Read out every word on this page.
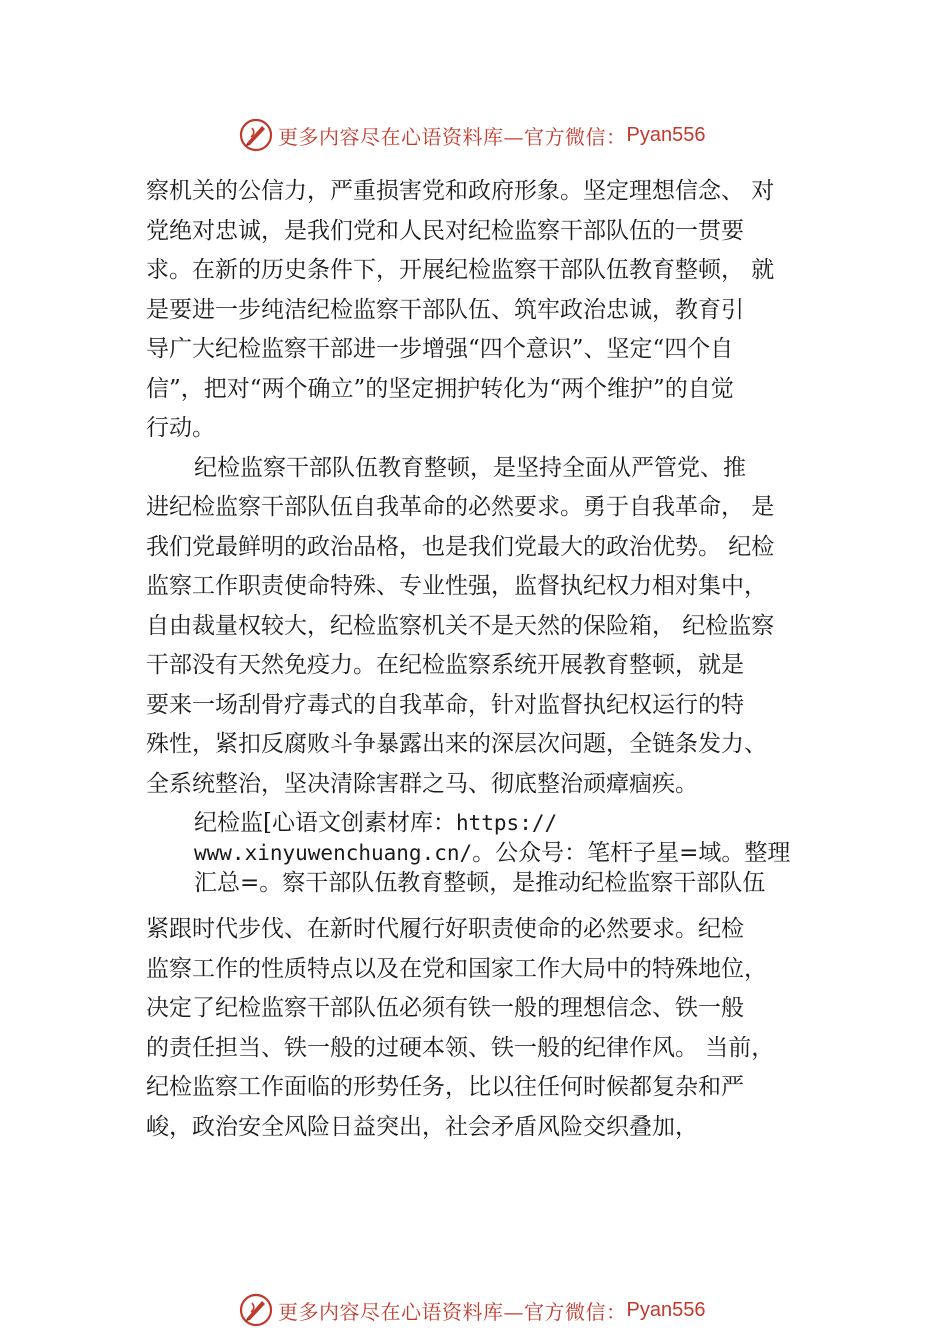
更多内容尽在心语资料库—官方微信： Pyan556
察机关的公信力，严重损害党和政府形象。坚定理想信念、 对
党绝对忠诚，是我们党和人民对纪检监察干部队伍的一贯要
求。在新的历史条件下，开展纪检监察干部队伍教育整顿， 就
是要进一步纯洁纪检监察干部队伍、筑牢政治忠诚，教育引
导广大纪检监察干部进一步增强“四个意识”、坚定“四个自
信”，把对“两个确立”的坚定拥护转化为“两个维护”的自觉
行动。
纪检监察干部队伍教育整顿，是坚持全面从严管党、推
进纪检监察干部队伍自我革命的必然要求。勇于自我革命， 是
我们党最鲜明的政治品格，也是我们党最大的政治优势。 纪检
监察工作职责使命特殊、专业性强，监督执纪权力相对集中，
自由裁量权较大，纪检监察机关不是天然的保险箱， 纪检监察
干部没有天然免疫力。在纪检监察系统开展教育整顿，就是
要来一场刮骨疗毒式的自我革命，针对监督执纪权运行的特
殊性，紧扣反腐败斗争暴露出来的深层次问题，全链条发力、
全系统整治，坚决清除害群之马、彻底整治顽瘴痼疾。
纪检监[心语文创素材库：https://
www.xinyuwenchuang.cn/。公众号：笔杆子星=域。整理
汇总=。察干部队伍教育整顿，是推动纪检监察干部队伍
紧跟时代步伐、在新时代履行好职责使命的必然要求。纪检
监察工作的性质特点以及在党和国家工作大局中的特殊地位，
决定了纪检监察干部队伍必须有铁一般的理想信念、铁一般
的责任担当、铁一般的过硬本领、铁一般的纪律作风。 当前，
纪检监察工作面临的形势任务，比以往任何时候都复杂和严
峻，政治安全风险日益突出，社会矛盾风险交织叠加，
更多内容尽在心语资料库—官方微信： Pyan556
